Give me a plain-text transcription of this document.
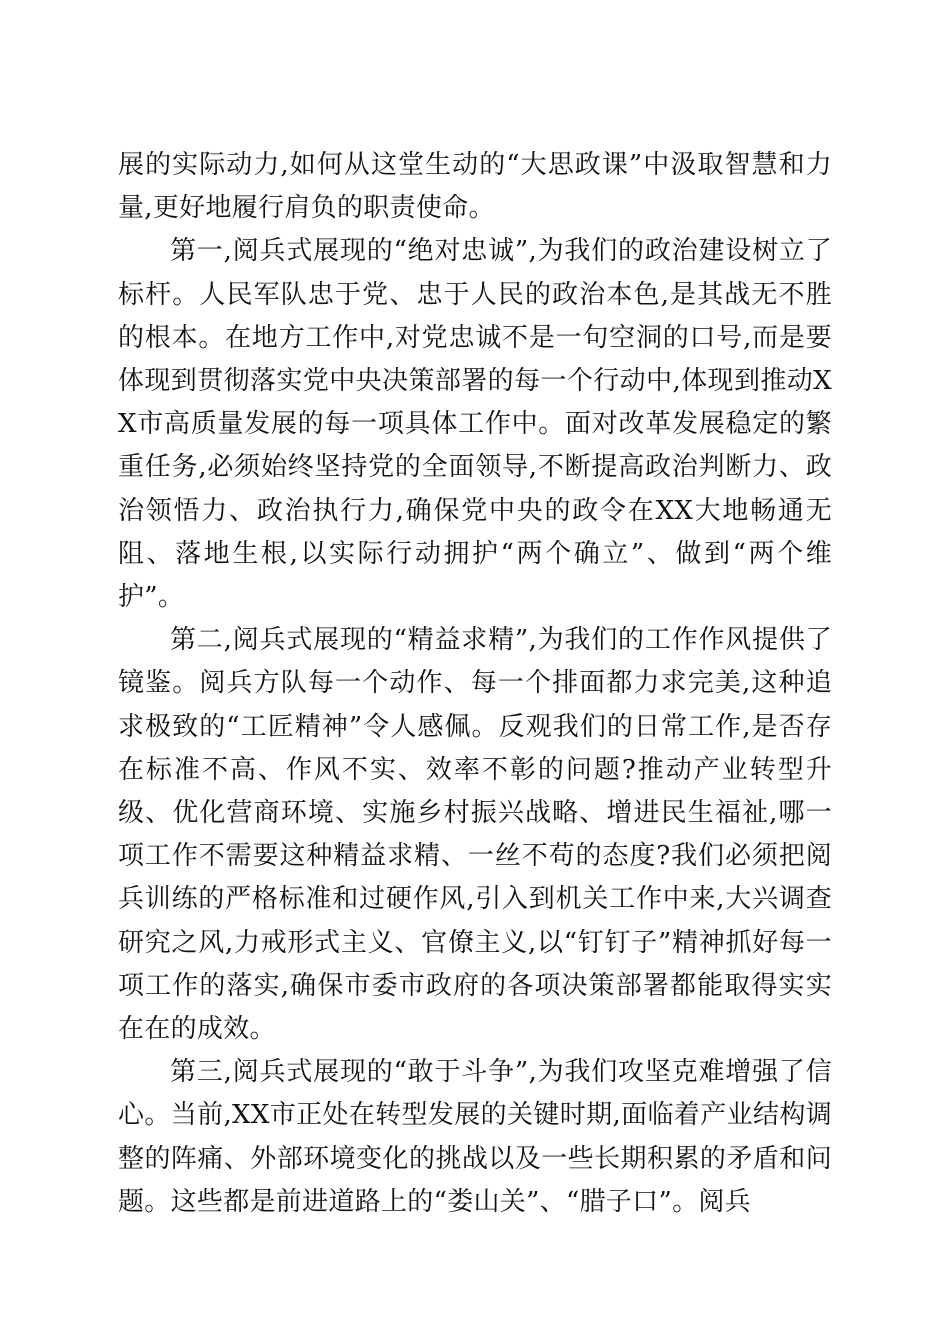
展的实际动力,如何从这堂生动的“大思政课”中汲取智慧和力量,更好地履行肩负的职责使命。

第一,阅兵式展现的“绝对忠诚”,为我们的政治建设树立了标杆。人民军队忠于党、忠于人民的政治本色,是其战无不胜的根本。在地方工作中,对党忠诚不是一句空洞的口号,而是要体现到贯彻落实党中央决策部署的每一个行动中,体现到推动XX市高质量发展的每一项具体工作中。面对改革发展稳定的繁重任务,必须始终坚持党的全面领导,不断提高政治判断力、政治领悟力、政治执行力,确保党中央的政令在XX大地畅通无阻、落地生根,以实际行动拥护“两个确立”、做到“两个维护”。

第二,阅兵式展现的“精益求精”,为我们的工作作风提供了镜鉴。阅兵方队每一个动作、每一个排面都力求完美,这种追求极致的“工匠精神”令人感佩。反观我们的日常工作,是否存在标准不高、作风不实、效率不彰的问题?推动产业转型升级、优化营商环境、实施乡村振兴战略、增进民生福祉,哪一项工作不需要这种精益求精、一丝不苟的态度?我们必须把阅兵训练的严格标准和过硬作风,引入到机关工作中来,大兴调查研究之风,力戒形式主义、官僚主义,以“钉钉子”精神抓好每一项工作的落实,确保市委市政府的各项决策部署都能取得实实在在的成效。

第三,阅兵式展现的“敢于斗争”,为我们攻坚克难增强了信心。当前,XX市正处在转型发展的关键时期,面临着产业结构调整的阵痛、外部环境变化的挑战以及一些长期积累的矛盾和问题。这些都是前进道路上的“娄山关”、“腊子口”。阅兵
